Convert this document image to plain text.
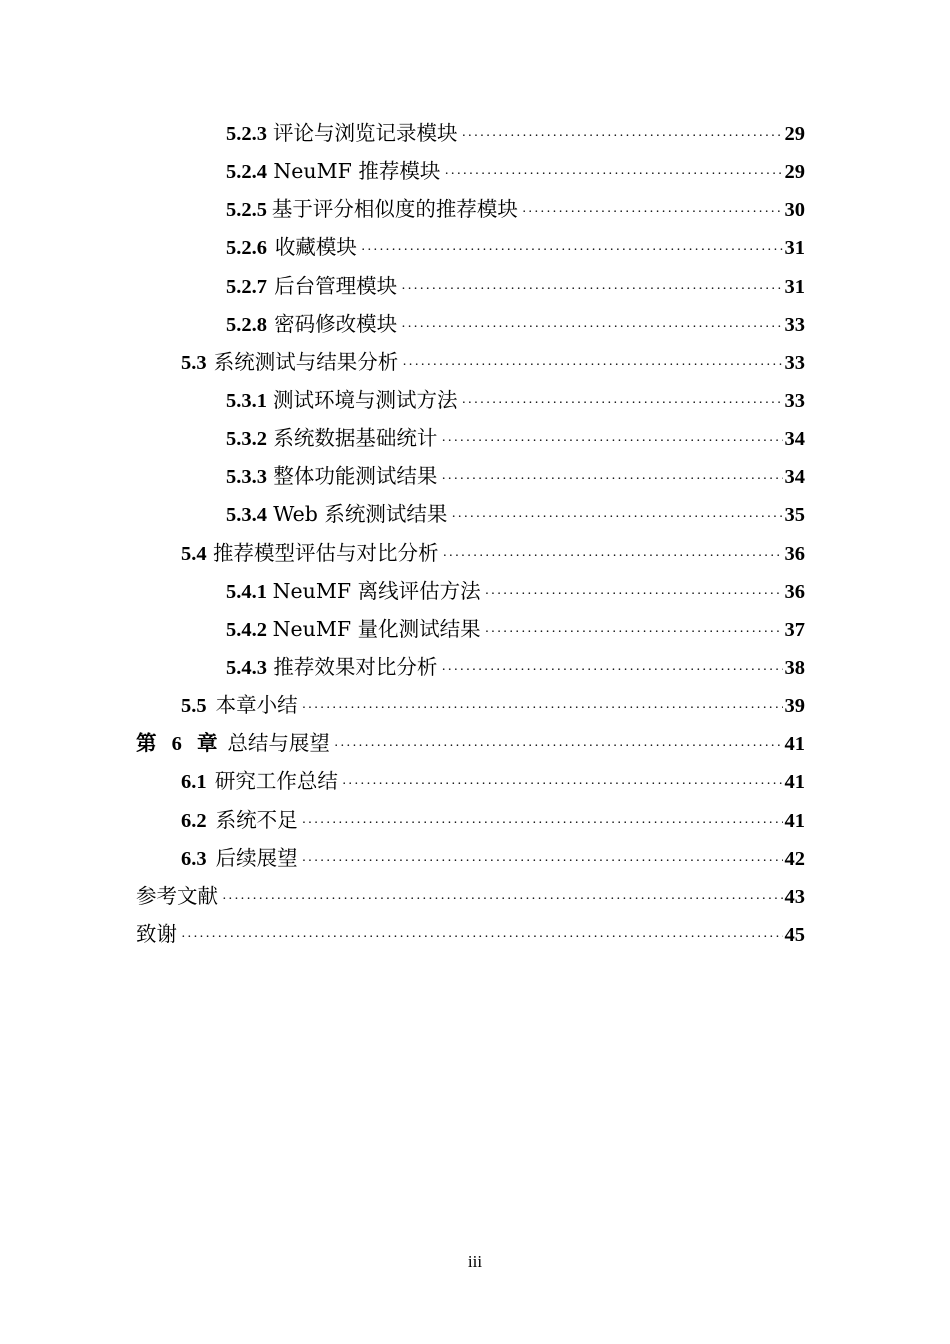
5.2.3 评论与浏览记录模块 ·····	29
5.2.4 NeuMF 推荐模块 ·····	29
5.2.5 基于评分相似度的推荐模块 ·····	30
5.2.6 收藏模块 ·····	31
5.2.7 后台管理模块 ·····	31
5.2.8 密码修改模块 ·····	33
5.3 系统测试与结果分析 ·····	33
5.3.1 测试环境与测试方法 ·····	33
5.3.2 系统数据基础统计 ·····	34
5.3.3 整体功能测试结果 ·····	34
5.3.4 Web 系统测试结果 ·····	35
5.4 推荐模型评估与对比分析 ·····	36
5.4.1 NeuMF 离线评估方法 ·····	36
5.4.2 NeuMF 量化测试结果 ·····	37
5.4.3 推荐效果对比分析 ·····	38
5.5 本章小结 ·····	39
第 6 章 总结与展望 ·····	41
6.1 研究工作总结 ·····	41
6.2 系统不足 ·····	41
6.3 后续展望 ·····	42
参考文献 ·····	43
致谢 ·····	45
iii
